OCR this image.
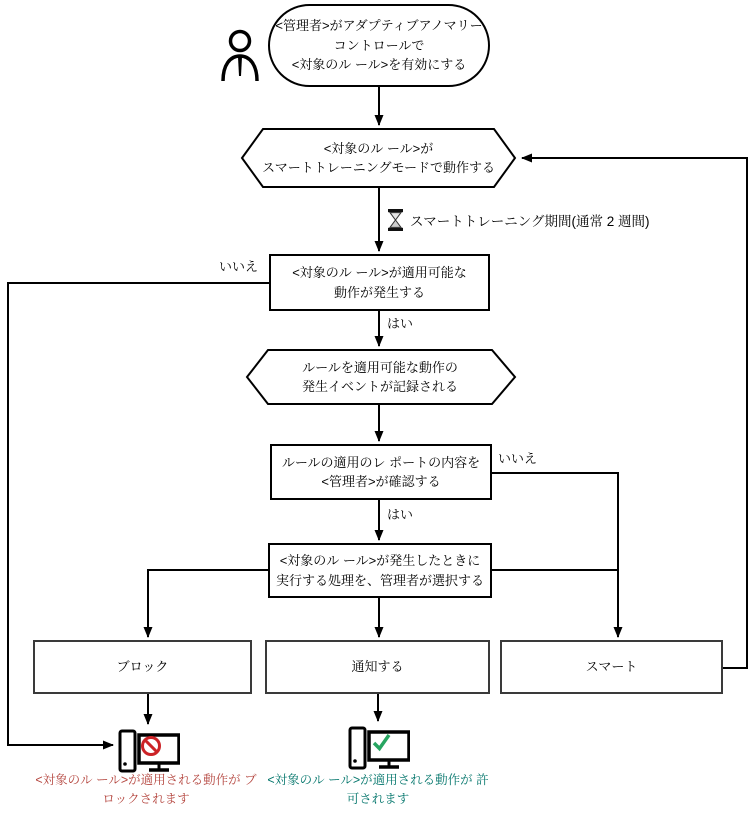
<管理者>がアダプティブアノマリー
コントロールで
<対象のル ール>を有効にする
<対象のル ール>が
スマートトレーニングモードで動作する
スマートトレーニング期間(通常 2 週間)
<対象のル ール>が適用可能な
動作が発生する
いいえ
はい
いいえ
はい
ルールを適用可能な動作の
発生イベントが記録される
ルールの適用のレ ポートの内容を
<管理者>が確認する
<対象のル ール>が発生したときに
実行する処理を、管理者が選択する
ブロック	通知する	スマート
<対象のル ール>が適用される動作が ブロックされます
<対象のル ール>が適用される動作が 許可されます
